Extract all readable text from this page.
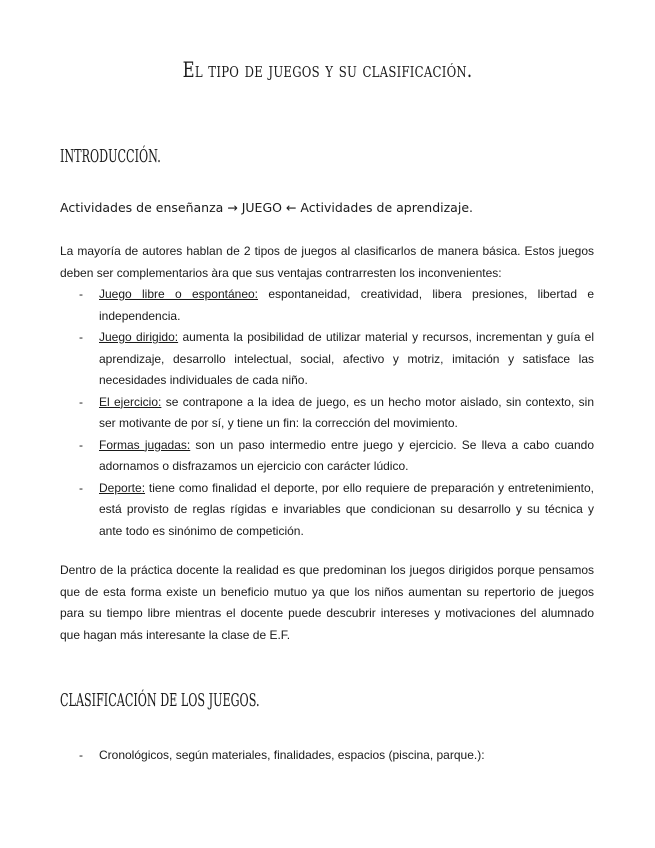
El tipo de juegos y su clasificación.
INTRODUCCIÓN.

Actividades de enseñanza → JUEGO ← Actividades de aprendizaje.

La mayoría de autores hablan de 2 tipos de juegos al clasificarlos de manera básica. Estos juegos deben ser complementarios àra que sus ventajas contrarresten los inconvenientes:

- Juego libre o espontáneo: espontaneidad, creatividad, libera presiones, libertad e independencia.
- Juego dirigido: aumenta la posibilidad de utilizar material y recursos, incrementan y guía el aprendizaje, desarrollo intelectual, social, afectivo y motriz, imitación y satisface las necesidades individuales de cada niño.
- El ejercicio: se contrapone a la idea de juego, es un hecho motor aislado, sin contexto, sin ser motivante de por sí, y tiene un fin: la corrección del movimiento.
- Formas jugadas: son un paso intermedio entre juego y ejercicio. Se lleva a cabo cuando adornamos o disfrazamos un ejercicio con carácter lúdico.
- Deporte: tiene como finalidad el deporte, por ello requiere de preparación y entretenimiento, está provisto de reglas rígidas e invariables que condicionan su desarrollo y su técnica y ante todo es sinónimo de competición.

Dentro de la práctica docente la realidad es que predominan los juegos dirigidos porque pensamos que de esta forma existe un beneficio mutuo ya que los niños aumentan su repertorio de juegos para su tiempo libre mientras el docente puede descubrir intereses y motivaciones del alumnado que hagan más interesante la clase de E.F.

CLASIFICACIÓN DE LOS JUEGOS.
- Cronológicos, según materiales, finalidades, espacios (piscina, parque.):
